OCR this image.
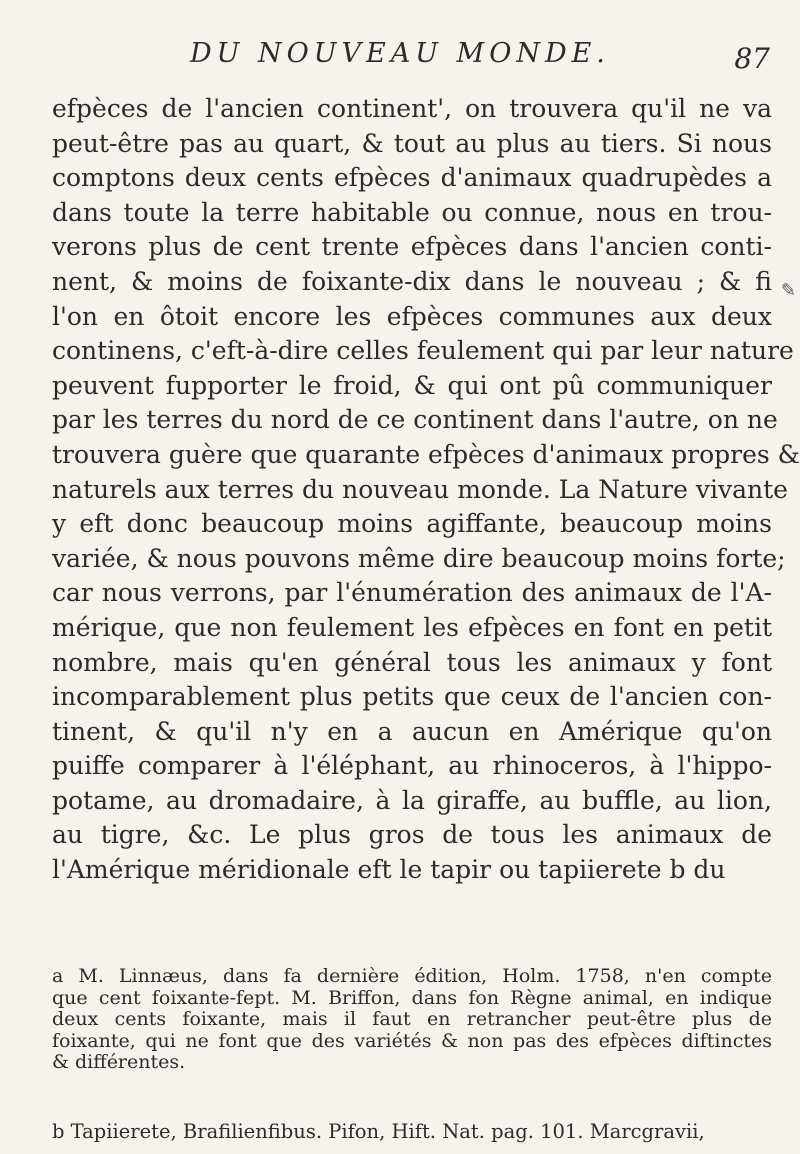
DU NOUVEAU MONDE.	87
efpèces de l'ancien continent', on trouvera qu'il ne va
peut-être pas au quart, & tout au plus au tiers. Si nous
comptons deux cents efpèces d'animaux quadrupèdes a
dans toute la terre habitable ou connue, nous en trou-
verons plus de cent trente efpèces dans l'ancien conti-
nent, & moins de foixante-dix dans le nouveau ; & fi
l'on en ôtoit encore les efpèces communes aux deux
continens, c'eft-à-dire celles feulement qui par leur nature
peuvent fupporter le froid, & qui ont pû communiquer
par les terres du nord de ce continent dans l'autre, on ne
trouvera guère que quarante efpèces d'animaux propres &
naturels aux terres du nouveau monde. La Nature vivante
y eft donc beaucoup moins agiffante, beaucoup moins
variée, & nous pouvons même dire beaucoup moins forte;
car nous verrons, par l'énumération des animaux de l'A-
mérique, que non feulement les efpèces en font en petit
nombre, mais qu'en général tous les animaux y font
incomparablement plus petits que ceux de l'ancien con-
tinent, & qu'il n'y en a aucun en Amérique qu'on
puiffe comparer à l'éléphant, au rhinoceros, à l'hippo-
potame, au dromadaire, à la giraffe, au buffle, au lion,
au tigre, &c. Le plus gros de tous les animaux de
l'Amérique méridionale eft le tapir ou tapiierete b du
a M. Linnæus, dans fa dernière édition, Holm. 1758, n'en compte
que cent foixante-fept. M. Briffon, dans fon Règne animal, en indique
deux cents foixante, mais il faut en retrancher peut-être plus de
foixante, qui ne font que des variétés & non pas des efpèces diftinctes
& différentes.
b Tapiierete, Brafilienfibus. Pifon, Hift. Nat. pag. 101. Marcgravii,
✎
